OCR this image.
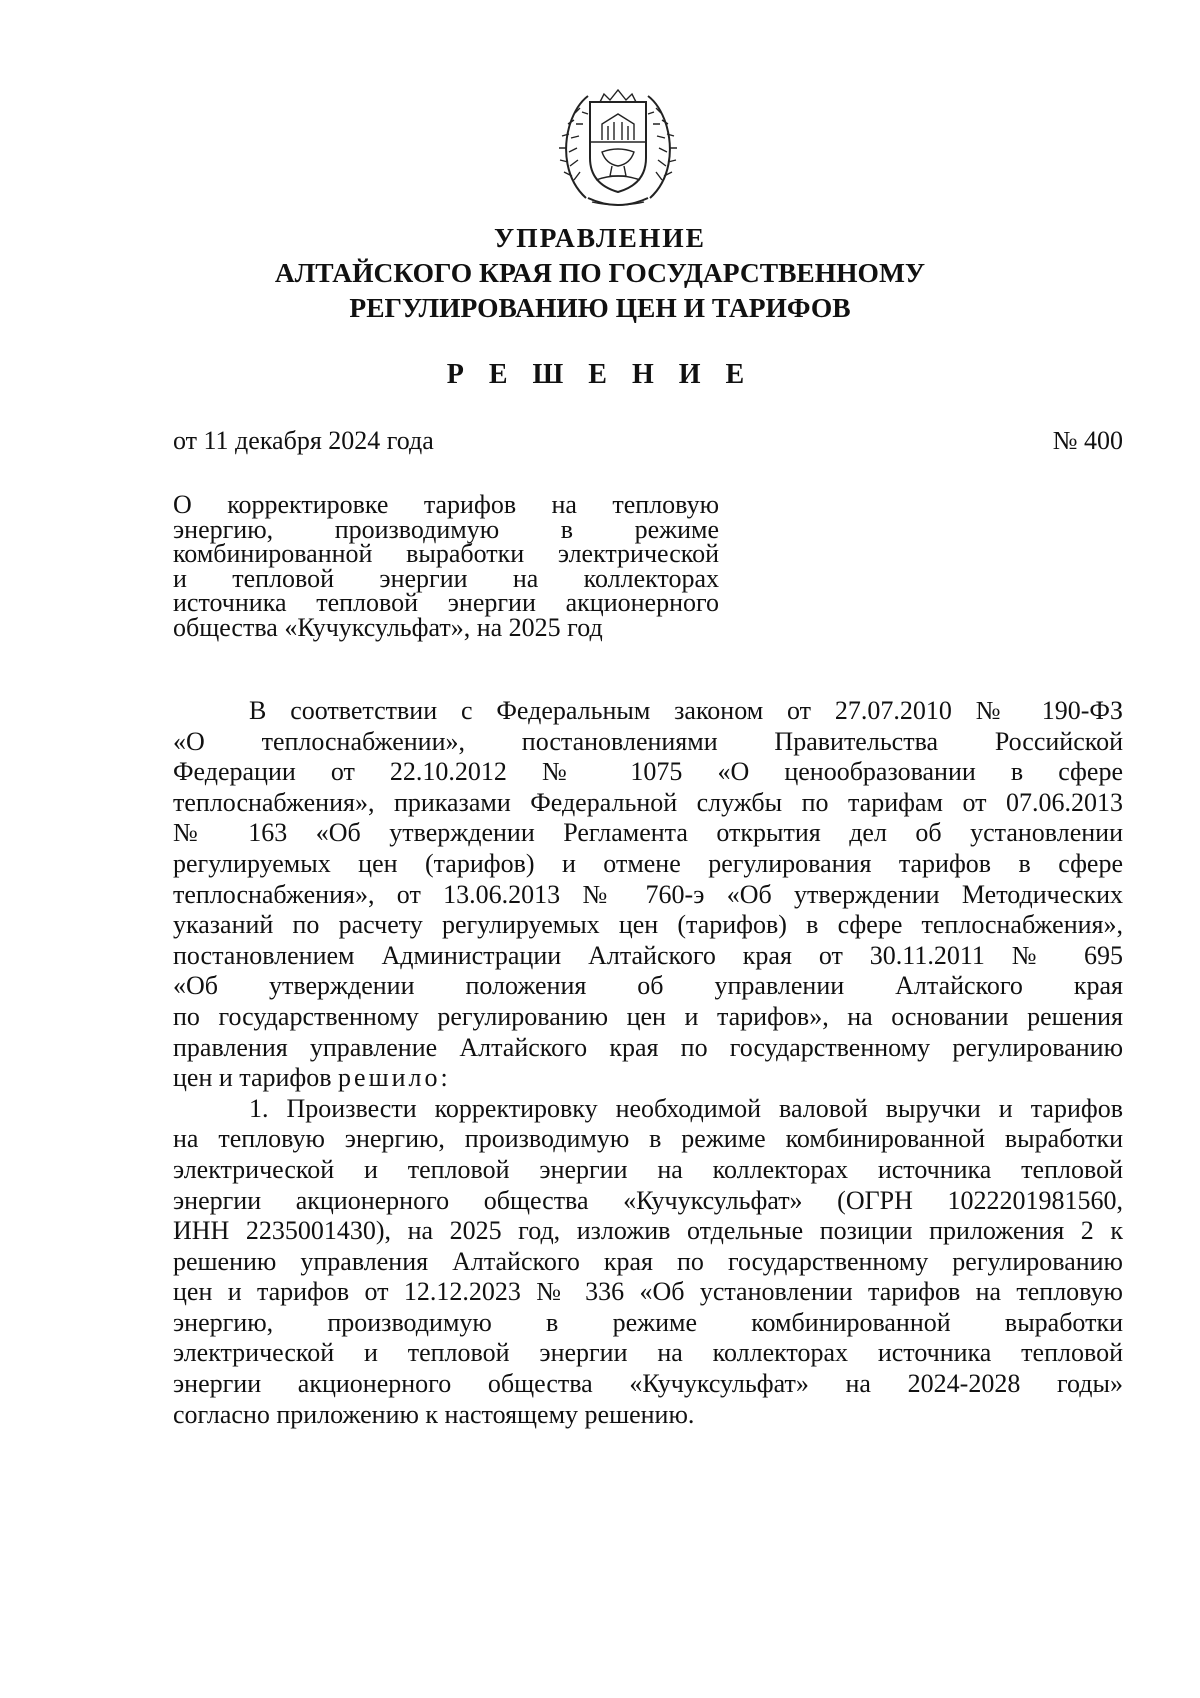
УПРАВЛЕНИЕ
АЛТАЙСКОГО КРАЯ ПО ГОСУДАРСТВЕННОМУ
РЕГУЛИРОВАНИЮ ЦЕН И ТАРИФОВ
Р Е Ш Е Н И Е
от 11 декабря 2024 года	№ 400
О корректировке тарифов на тепловую
энергию, производимую в режиме
комбинированной выработки электрической
и тепловой энергии на коллекторах
источника тепловой энергии акционерного
общества «Кучуксульфат», на 2025 год
В соответствии с Федеральным законом от 27.07.2010 № 190-ФЗ
«О теплоснабжении», постановлениями Правительства Российской
Федерации от 22.10.2012 № 1075 «О ценообразовании в сфере
теплоснабжения», приказами Федеральной службы по тарифам от 07.06.2013
№ 163 «Об утверждении Регламента открытия дел об установлении
регулируемых цен (тарифов) и отмене регулирования тарифов в сфере
теплоснабжения», от 13.06.2013 № 760-э «Об утверждении Методических
указаний по расчету регулируемых цен (тарифов) в сфере теплоснабжения»,
постановлением Администрации Алтайского края от 30.11.2011 № 695
«Об утверждении положения об управлении Алтайского края
по государственному регулированию цен и тарифов», на основании решения
правления управление Алтайского края по государственному регулированию
цен и тарифов решило:
1. Произвести корректировку необходимой валовой выручки и тарифов
на тепловую энергию, производимую в режиме комбинированной выработки
электрической и тепловой энергии на коллекторах источника тепловой
энергии акционерного общества «Кучуксульфат» (ОГРН 1022201981560,
ИНН 2235001430), на 2025 год, изложив отдельные позиции приложения 2 к
решению управления Алтайского края по государственному регулированию
цен и тарифов от 12.12.2023 № 336 «Об установлении тарифов на тепловую
энергию, производимую в режиме комбинированной выработки
электрической и тепловой энергии на коллекторах источника тепловой
энергии акционерного общества «Кучуксульфат» на 2024-2028 годы»
согласно приложению к настоящему решению.
